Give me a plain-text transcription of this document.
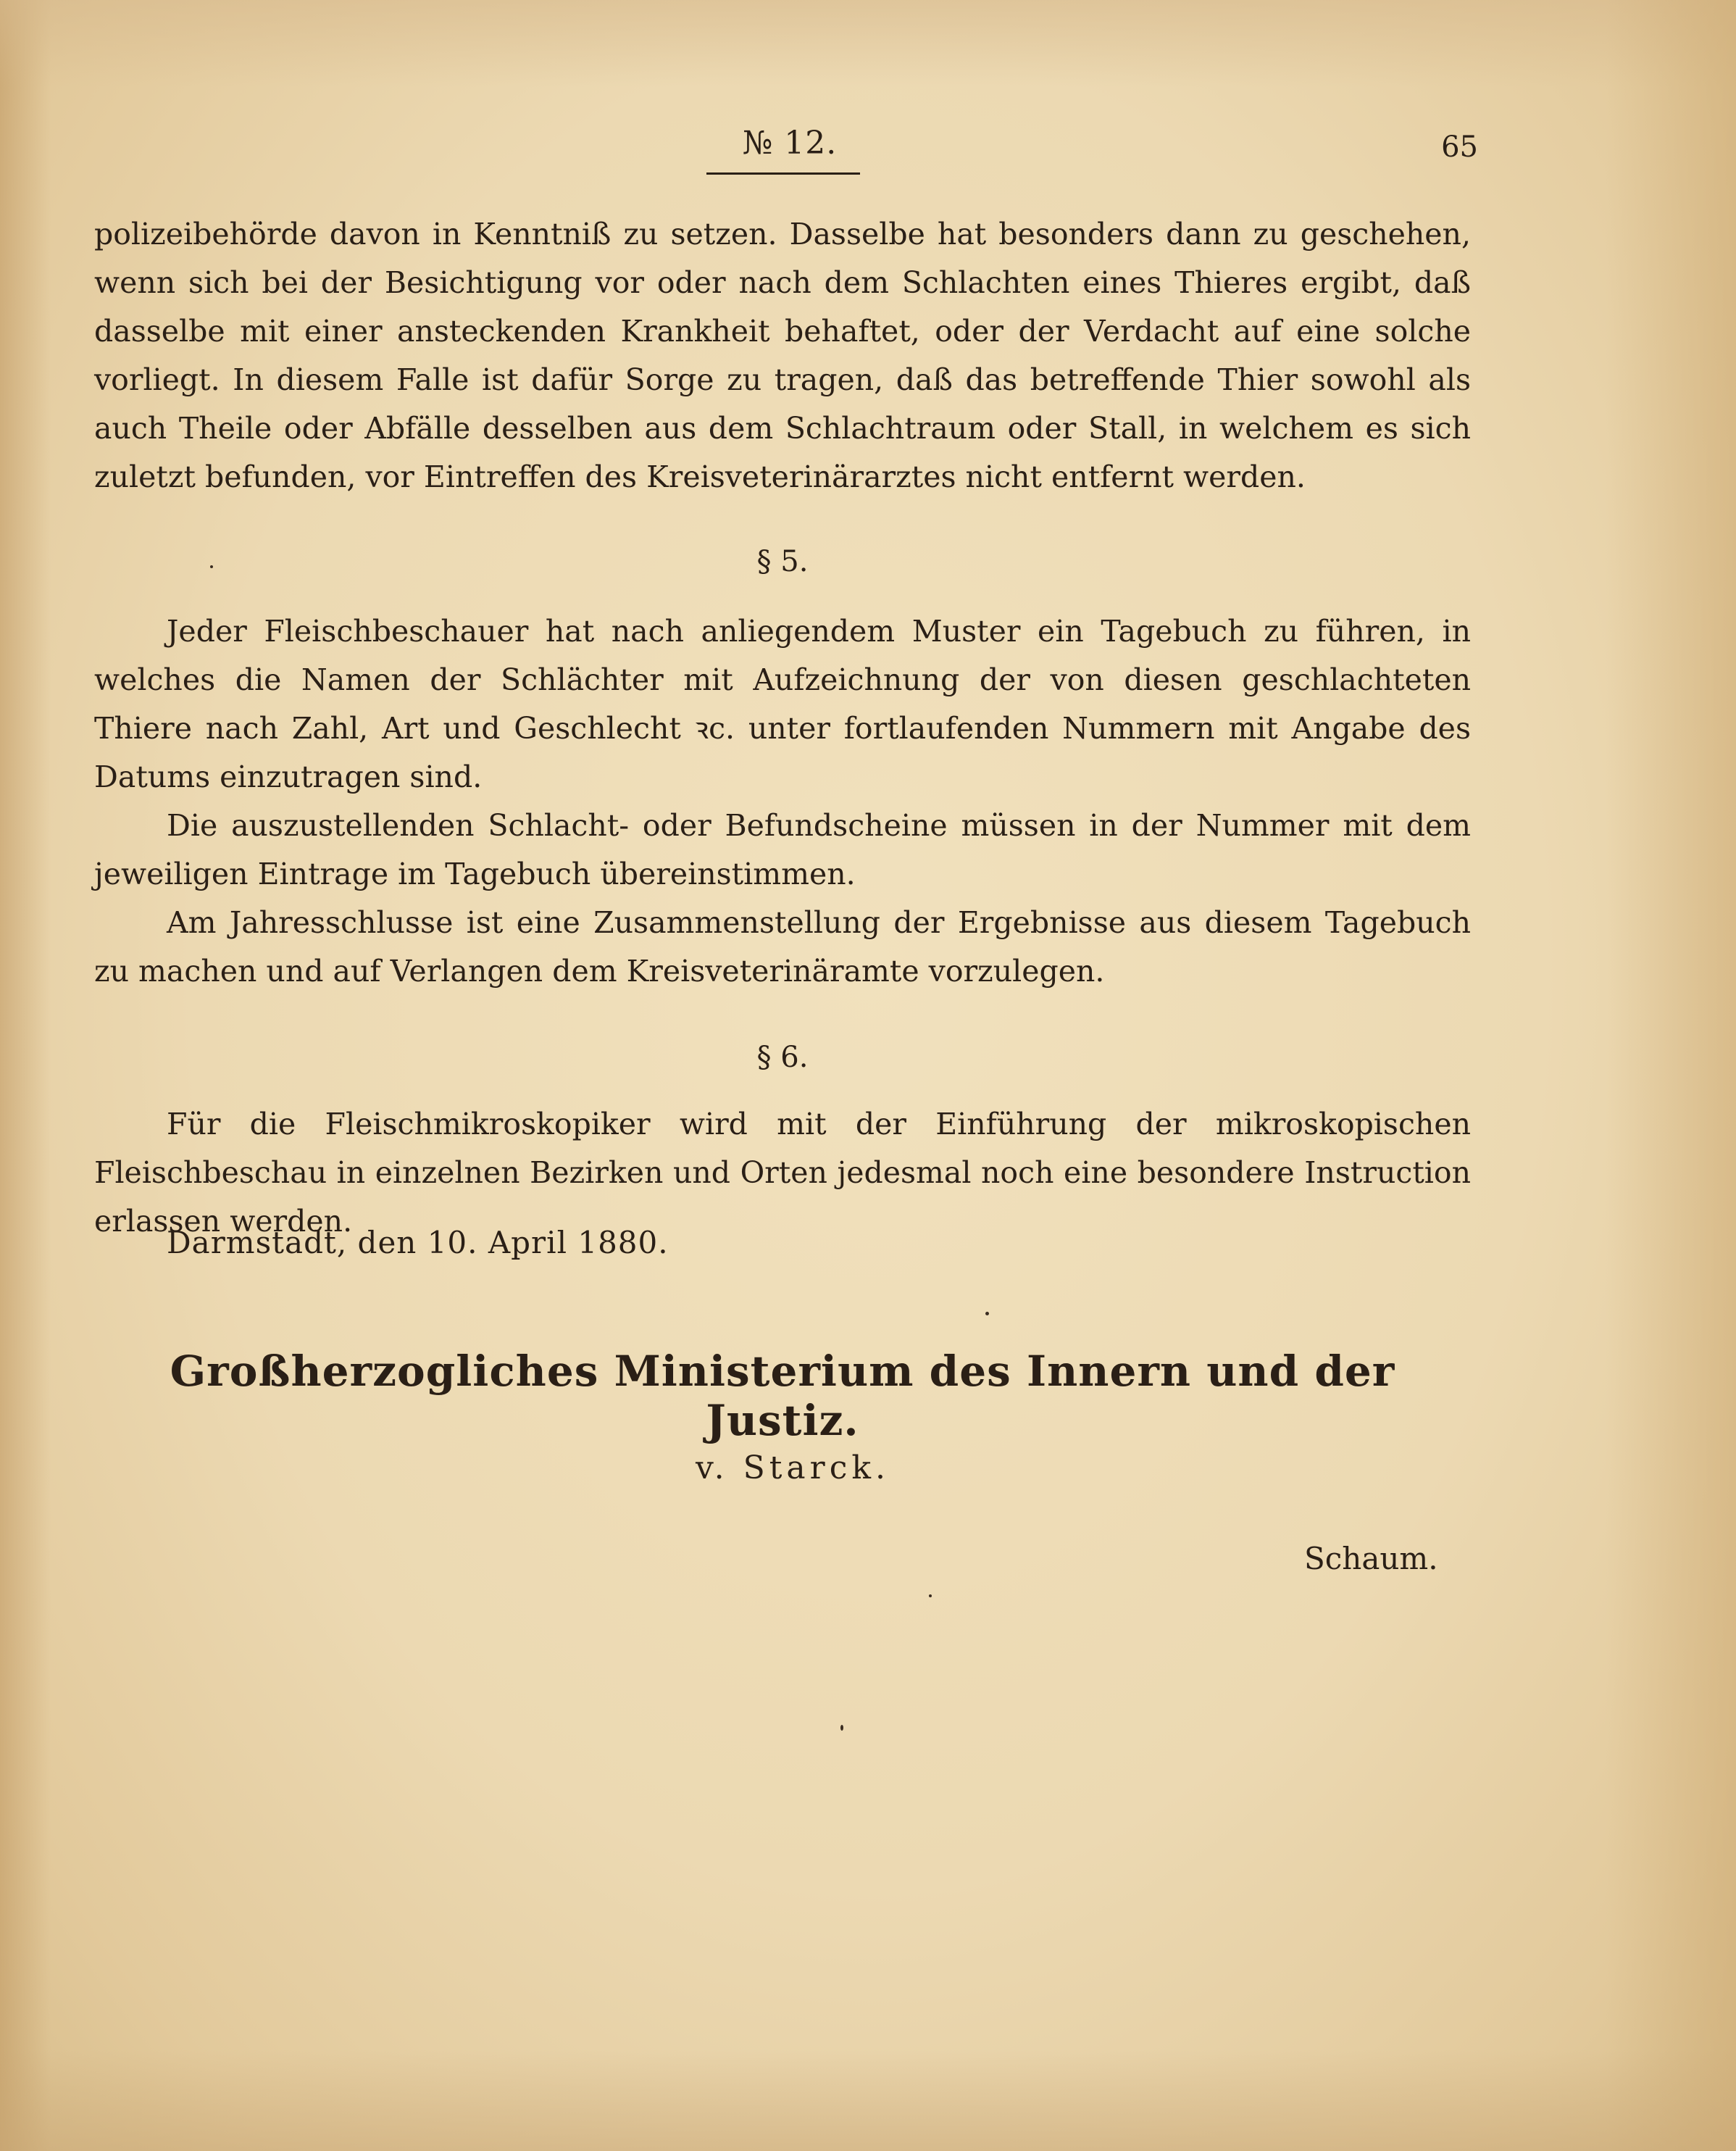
№ 12.	65

polizeibehörde davon in Kenntniß zu setzen. Dasselbe hat besonders dann zu geschehen, wenn sich bei der Besichtigung vor oder nach dem Schlachten eines Thieres ergibt, daß dasselbe mit einer ansteckenden Krankheit behaftet, oder der Verdacht auf eine solche vorliegt. In diesem Falle ist dafür Sorge zu tragen, daß das betreffende Thier sowohl als auch Theile oder Abfälle desselben aus dem Schlachtraum oder Stall, in welchem es sich zuletzt befunden, vor Eintreffen des Kreisveterinärarztes nicht entfernt werden.

§ 5.

Jeder Fleischbeschauer hat nach anliegendem Muster ein Tagebuch zu führen, in welches die Namen der Schlächter mit Aufzeichnung der von diesen geschlachteten Thiere nach Zahl, Art und Geschlecht ꝛc. unter fortlaufenden Nummern mit Angabe des Datums einzutragen sind.

Die auszustellenden Schlacht- oder Befundscheine müssen in der Nummer mit dem jeweiligen Eintrage im Tagebuch übereinstimmen.

Am Jahresschlusse ist eine Zusammenstellung der Ergebnisse aus diesem Tagebuch zu machen und auf Verlangen dem Kreisveterinäramte vorzulegen.

§ 6.

Für die Fleischmikroskopiker wird mit der Einführung der mikroskopischen Fleischbeschau in einzelnen Bezirken und Orten jedesmal noch eine besondere Instruction erlassen werden.

Darmstadt, den 10. April 1880.
Großherzogliches Ministerium des Innern und der Justiz.
v. Starck.
Schaum.
